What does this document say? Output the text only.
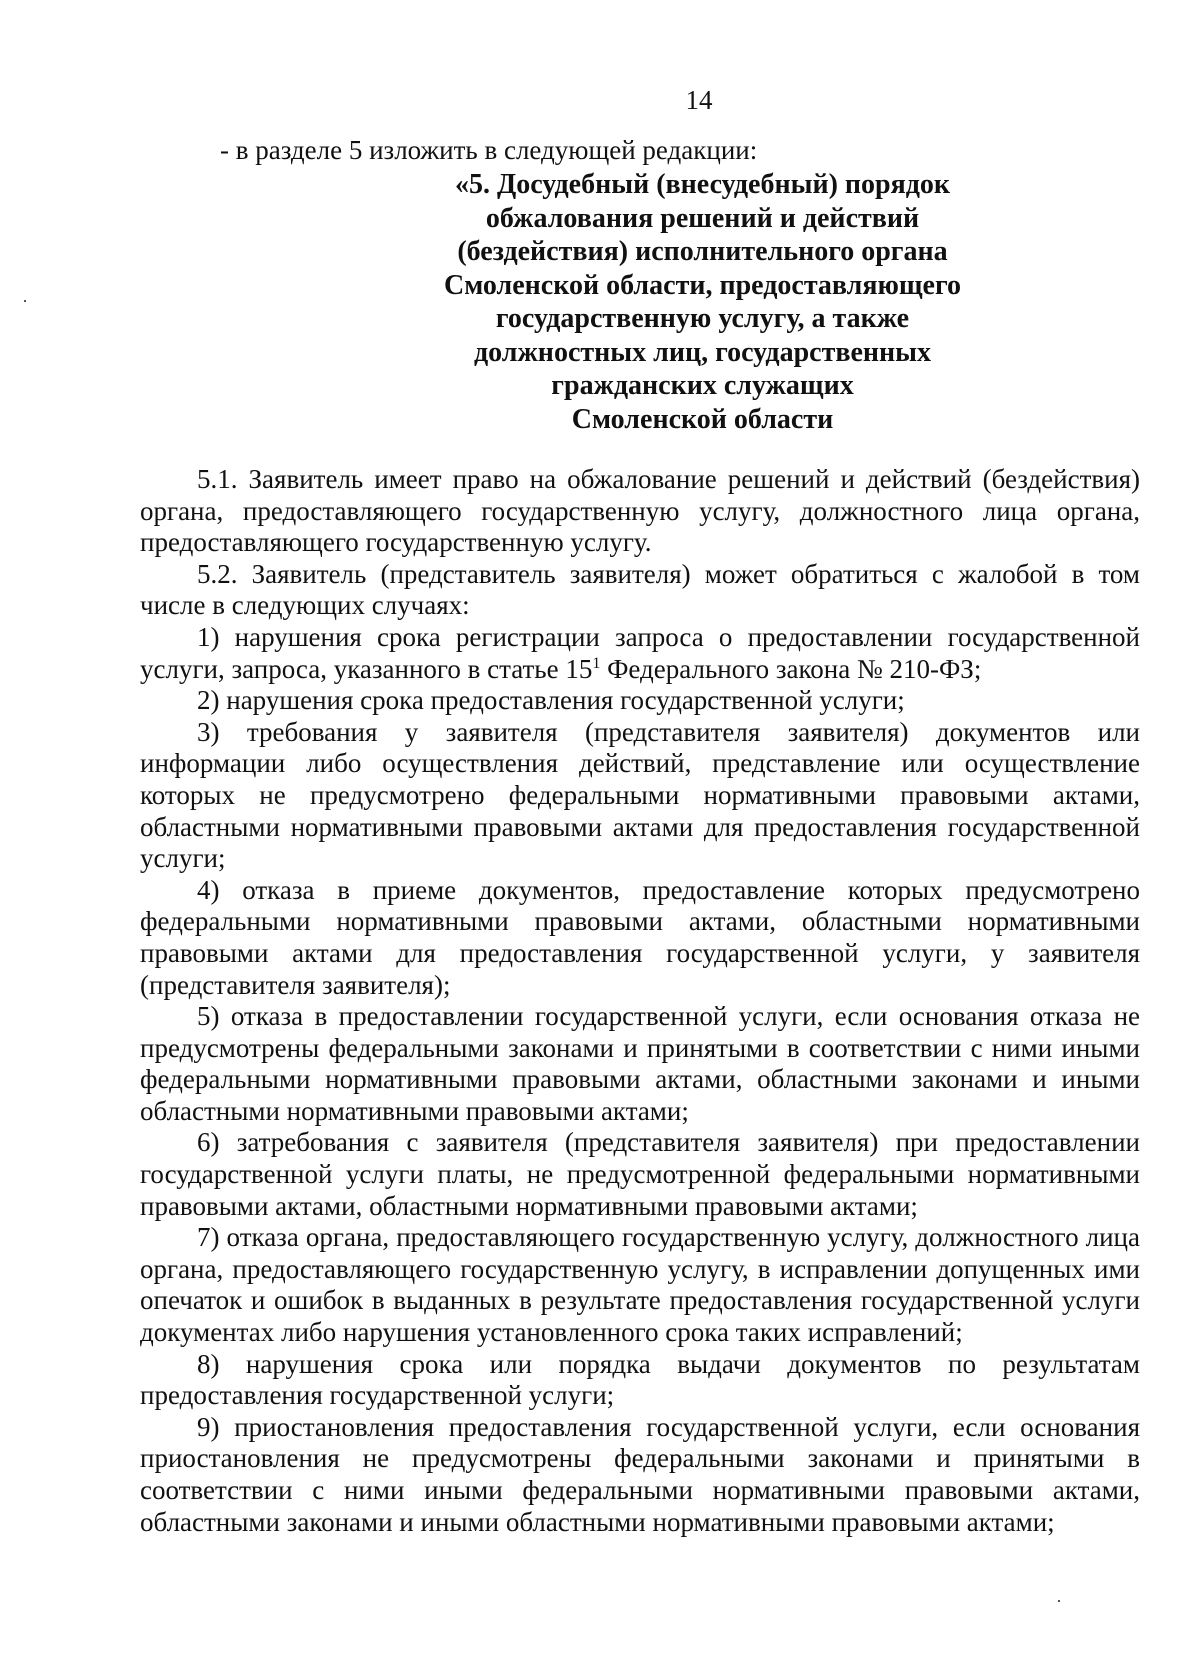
14

- в разделе 5 изложить в следующей редакции:

«5. Досудебный (внесудебный) порядок
обжалования решений и действий
(бездействия) исполнительного органа
Смоленской области, предоставляющего
государственную услугу, а также
должностных лиц, государственных
гражданских служащих
Смоленской области

5.1. Заявитель имеет право на обжалование решений и действий (бездействия) органа, предоставляющего государственную услугу, должностного лица органа, предоставляющего государственную услугу.

5.2. Заявитель (представитель заявителя) может обратиться с жалобой в том числе в следующих случаях:

1) нарушения срока регистрации запроса о предоставлении государственной услуги, запроса, указанного в статье $15^1$ Федерального закона № 210-ФЗ;

2) нарушения срока предоставления государственной услуги;

3) требования у заявителя (представителя заявителя) документов или информации либо осуществления действий, представление или осуществление которых не предусмотрено федеральными нормативными правовыми актами, областными нормативными правовыми актами для предоставления государственной услуги;

4) отказа в приеме документов, предоставление которых предусмотрено федеральными нормативными правовыми актами, областными нормативными правовыми актами для предоставления государственной услуги, у заявителя (представителя заявителя);

5) отказа в предоставлении государственной услуги, если основания отказа не предусмотрены федеральными законами и принятыми в соответствии с ними иными федеральными нормативными правовыми актами, областными законами и иными областными нормативными правовыми актами;

6) затребования с заявителя (представителя заявителя) при предоставлении государственной услуги платы, не предусмотренной федеральными нормативными правовыми актами, областными нормативными правовыми актами;

7) отказа органа, предоставляющего государственную услугу, должностного лица органа, предоставляющего государственную услугу, в исправлении допущенных ими опечаток и ошибок в выданных в результате предоставления государственной услуги документах либо нарушения установленного срока таких исправлений;

8) нарушения срока или порядка выдачи документов по результатам предоставления государственной услуги;

9) приостановления предоставления государственной услуги, если основания приостановления не предусмотрены федеральными законами и принятыми в соответствии с ними иными федеральными нормативными правовыми актами, областными законами и иными областными нормативными правовыми актами;
